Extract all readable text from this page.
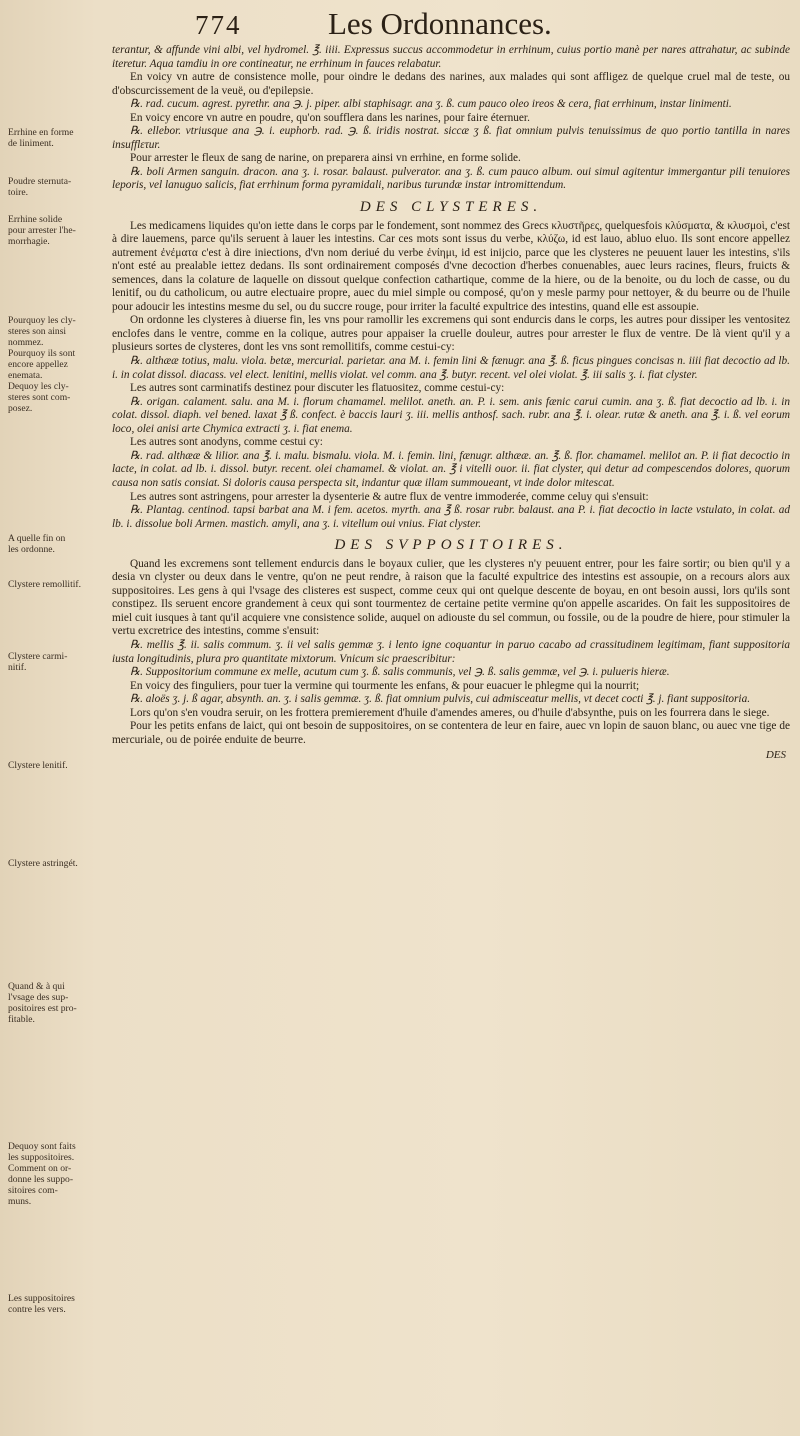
774	Les Ordonnances.
Errhine en forme
de liniment.
Poudre sternuta-
toire.
Errhine solide
pour arrester l'he-
morrhagie.
Pourquoy les cly-
steres son ainsi
nommez.
Pourquoy ils sont
encore appellez
enemata.
Dequoy les cly-
steres sont com-
posez.
A quelle fin on
les ordonne.
Clystere remollitif.
Clystere carmi-
nitif.
Clystere lenitif.
Clystere astringét.
Quand & à qui
l'vsage des sup-
positoires est pro-
fitable.
Dequoy sont faits
les suppositoires.
Comment on or-
donne les suppo-
sitoires com-
muns.
Les suppositoires
contre les vers.

terantur, & affunde vini albi, vel hydromel. ℥. iiii. Expressus succus accommodetur in errhinum, cuius portio manè per nares attrahatur, ac subinde iteretur. Aqua tamdiu in ore contineatur, ne errhinum in fauces relabatur.

En voicy vn autre de consistence molle, pour oindre le dedans des narines, aux malades qui sont affligez de quelque cruel mal de teste, ou d'obscurcissement de la veuë, ou d'epilepsie.

℞. rad. cucum. agrest. pyrethr. ana ℈. j. piper. albi staphisagr. ana ʒ. ß. cum pauco oleo ireos & cera, fiat errhinum, instar linimenti.

En voicy encore vn autre en poudre, qu'on soufflera dans les narines, pour faire éternuer.

℞. ellebor. vtriusque ana ℈. i. euphorb. rad. ℈. ß. iridis nostrat. siccæ ʒ ß. fiat omnium pulvis tenuissimus de quo portio tantilla in nares insufflετur.

Pour arrester le fleux de sang de narine, on preparera ainsi vn errhine, en forme solide.

℞. boli Armen sanguin. dracon. ana ʒ. i. rosar. balaust. pulverator. ana ʒ. ß. cum pauco album. oui simul agitentur immergantur pili tenuiores leporis, vel lanuguo salicis, fiat errhinum forma pyramidali, naribus turundæ instar intromittendum.

DES CLYSTERES.

Les medicamens liquides qu'on iette dans le corps par le fondement, sont nommez des Grecs κλυστῆρες, quelquesfois κλύσματα, & κλυσμοὶ, c'est à dire lauemens, parce qu'ils seruent à lauer les intestins. Car ces mots sont issus du verbe, κλύζω, id est lauo, abluo eluo. Ils sont encore appellez autrement ἐνέματα c'est à dire iniections, d'vn nom deriué du verbe ἐνίημι, id est inijcio, parce que les clysteres ne peuuent lauer les intestins, s'ils n'ont esté au prealable iettez dedans. Ils sont ordinairement composés d'vne decoction d'herbes conuenables, auec leurs racines, fleurs, fruicts & semences, dans la colature de laquelle on dissout quelque confection cathartique, comme de la hiere, ou de la benoite, ou du loch de casse, ou du lenitif, ou du catholicum, ou autre electuaire propre, auec du miel simple ou composé, qu'on y mesle parmy pour nettoyer, & du beurre ou de l'huile pour adoucir les intestins mesme du sel, ou du succre rouge, pour irriter la faculté expultrice des intestins, quand elle est assoupie.

On ordonne les clysteres à diuerse fin, les vns pour ramollir les excremens qui sont endurcis dans le corps, les autres pour dissiper les ventositez enclofes dans le ventre, comme en la colique, autres pour appaiser la cruelle douleur, autres pour arrester le flux de ventre. De là vient qu'il y a plusieurs sortes de clysteres, dont les vns sont remollitifs, comme cestui-cy:

℞. althææ totius, malu. viola. betæ, mercurial. parietar. ana M. i. femin lini & fænugr. ana ℥. ß. ficus pingues concisas n. iiii fiat decoctio ad lb. i. in colat dissol. diacass. vel elect. lenitini, mellis violat. vel comm. ana ℥. butyr. recent. vel olei violat. ℥. iii salis ʒ. i. fiat clyster.

Les autres sont carminatifs destinez pour discuter les flatuositez, comme cestui-cy:

℞. origan. calament. salu. ana M. i. florum chamamel. melilot. aneth. an. P. i. sem. anis fænic carui cumin. ana ʒ. ß. fiat decoctio ad lb. i. in colat. dissol. diaph. vel bened. laxat ℥ ß. confect. è baccis lauri ʒ. iii. mellis anthosf. sach. rubr. ana ℥. i. olear. rutæ & aneth. ana ℥. i. ß. vel eorum loco, olei anisi arte Chymica extracti ʒ. i. fiat enema.

Les autres sont anodyns, comme cestui cy:

℞. rad. althææ & lilior. ana ℥. i. malu. bismalu. viola. M. i. femin. lini, fænugr. althææ. an. ℥. ß. flor. chamamel. melilot an. P. ii fiat decoctio in lacte, in colat. ad lb. i. dissol. butyr. recent. olei chamamel. & violat. an. ℥ i vitelli ouor. ii. fiat clyster, qui detur ad compescendos dolores, quorum causa non satis consiat. Si doloris causa perspecta sit, indantur quæ illam summoueant, vt inde dolor mitescat.

Les autres sont astringens, pour arrester la dysenterie & autre flux de ventre immoderée, comme celuy qui s'ensuit:

℞. Plantag. centinod. tapsi barbat ana M. i fem. acetos. myrth. ana ℥ ß. rosar rubr. balaust. ana P. i. fiat decoctio in lacte vstulato, in colat. ad lb. i. dissolue boli Armen. mastich. amyli, ana ʒ. i. vitellum oui vnius. Fiat clyster.

DES SVPPOSITOIRES.

Quand les excremens sont tellement endurcis dans le boyaux culier, que les clysteres n'y peuuent entrer, pour les faire sortir; ou bien qu'il y a desia vn clyster ou deux dans le ventre, qu'on ne peut rendre, à raison que la faculté expultrice des intestins est assoupie, on a recours alors aux suppositoires. Les gens à qui l'vsage des clisteres est suspect, comme ceux qui ont quelque descente de boyau, en ont besoin aussi, lors qu'ils sont constipez. Ils seruent encore grandement à ceux qui sont tourmentez de certaine petite vermine qu'on appelle ascarides. On fait les suppositoires de miel cuit iusques à tant qu'il acquiere vne consistence solide, auquel on adiouste du sel commun, ou fossile, ou de la poudre de hiere, pour stimuler la vertu excretrice des intestins, comme s'ensuit:

℞. mellis ℥. ii. salis commum. ʒ. ii vel salis gemmæ ʒ. i lento igne coquantur in paruo cacabo ad crassitudinem legitimam, fiant suppositoria iusta longitudinis, plura pro quantitate mixtorum. Vnicum sic praescribitur:

℞. Suppositorium commune ex melle, acutum cum ʒ. ß. salis communis, vel ℈. ß. salis gemmæ, vel ℈. i. pulueris hieræ.

En voicy des finguliers, pour tuer la vermine qui tourmente les enfans, & pour euacuer le phlegme qui la nourrit;

℞. aloës ʒ. j. ß agar, absynth. an. ʒ. i salis gemmæ. ʒ. ß. fiat omnium pulvis, cui admisceatur mellis, vt decet cocti ℥. j. fiant suppositoria.

Lors qu'on s'en voudra seruir, on les frottera premierement d'huile d'amendes ameres, ou d'huile d'absynthe, puis on les fourrera dans le siege.

Pour les petits enfans de laict, qui ont besoin de suppositoires, on se contentera de leur en faire, auec vn lopin de sauon blanc, ou auec vne tige de mercuriale, ou de poirée enduite de beurre.

DES
